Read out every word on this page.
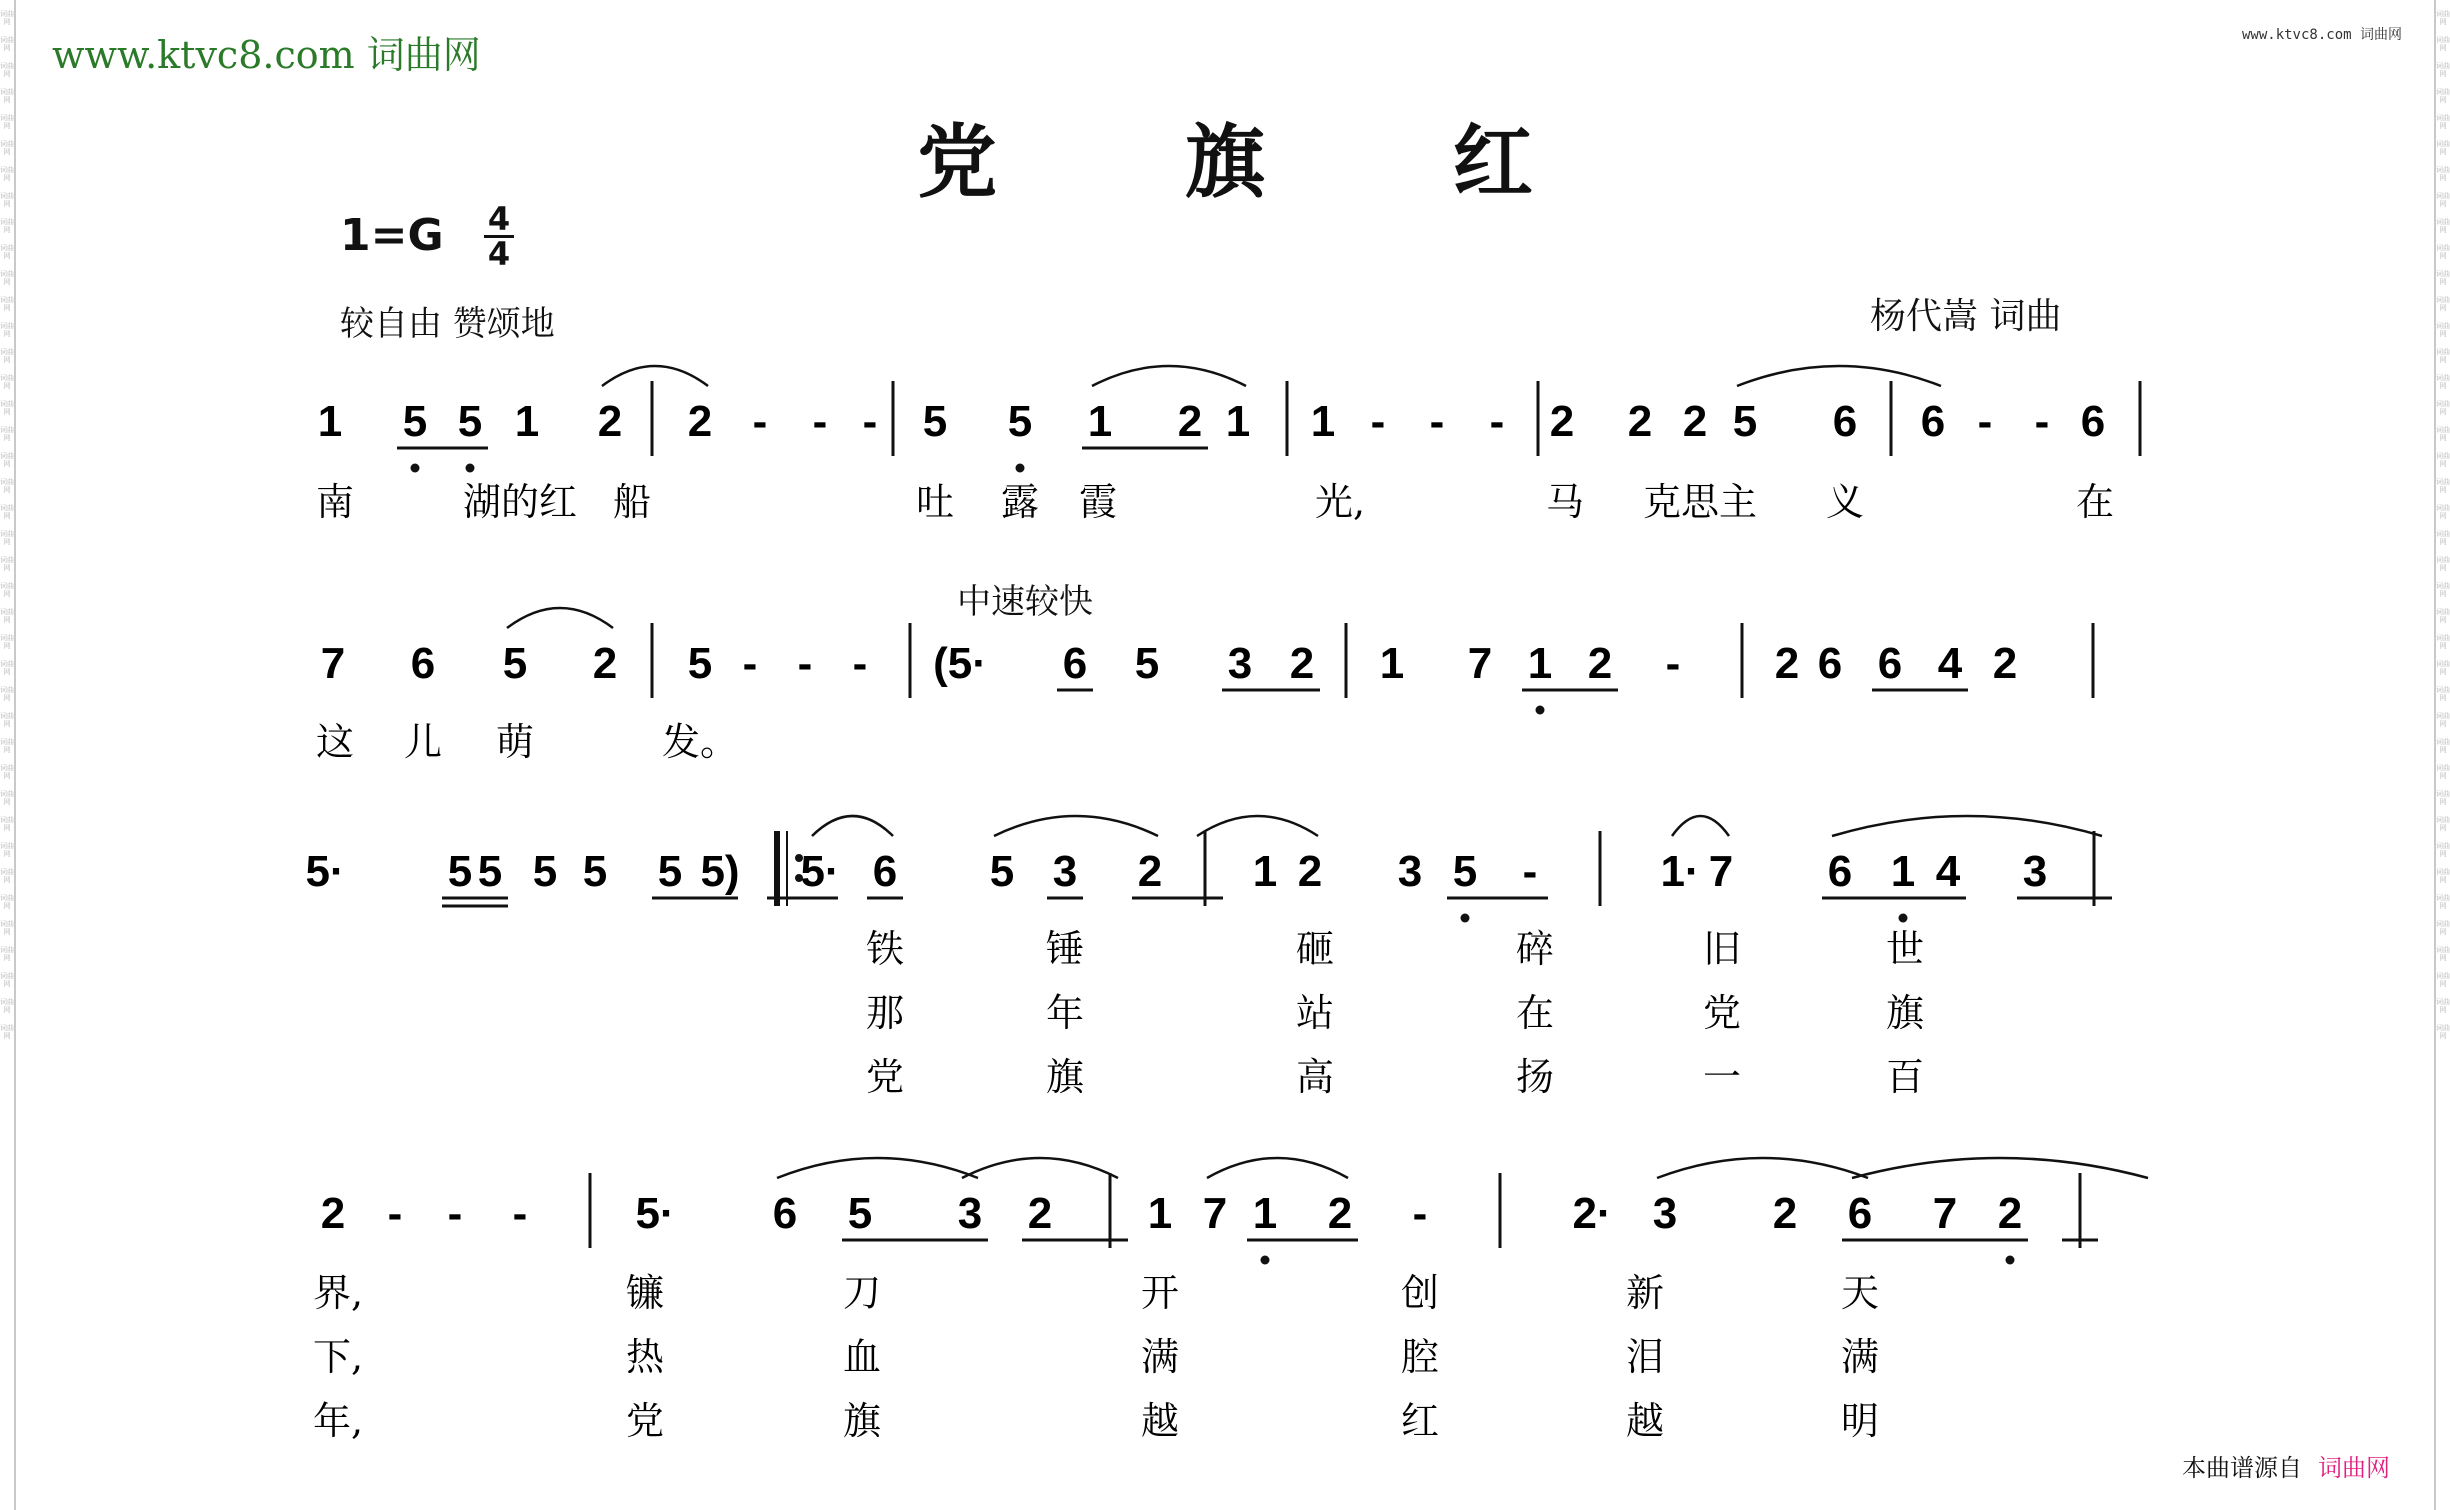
词曲网
词曲网
词曲网
词曲网
词曲网
词曲网
词曲网
词曲网
词曲网
词曲网
词曲网
词曲网
词曲网
词曲网
词曲网
词曲网
词曲网
词曲网
词曲网
词曲网
词曲网
词曲网
词曲网
词曲网
词曲网
词曲网
词曲网
词曲网
词曲网
词曲网
词曲网
词曲网
词曲网
词曲网
词曲网
词曲网
词曲网
词曲网
词曲网
词曲网
词曲网
词曲网
词曲网
词曲网
词曲网
词曲网
词曲网
词曲网
词曲网
词曲网
词曲网
词曲网
词曲网
词曲网
词曲网
词曲网
词曲网
词曲网
词曲网
词曲网
词曲网
词曲网
词曲网
词曲网
词曲网
词曲网
词曲网
词曲网
词曲网
词曲网
词曲网
词曲网
词曲网
词曲网
词曲网
词曲网
词曲网
词曲网
词曲网
词曲网
www.ktvc8.com 词曲网	www.ktvc8.com 词曲网
党 旗 红
1=G 4
4
较自由 赞颂地	杨代嵩 词曲
中速较快
1 5 5 1 2 2 - - - 5 5 1 2 1 1 - - - 2 2 2 5 6 6 - - 6
南	湖的红 船	吐 露 霞	光,	马 克思主 义	在
7 6 5 2 5 - - - (5· 6 5 3 2 1 7 1 2 - 2 6 6 4 2
这 儿 萌	发。
5· 5 5 5 5 5 5) 5· 6 5 3 2 1 2 3 5 -	1· 7 6 1 4 3
铁	锤	砸	碎	旧	世
那	年	站	在	党	旗
党	旗	高	扬	一	百
2 - - - 5· 6 5 3 2 1 7 1 2 -	2· 3 2 6 7 2
界,	镰	刀	开	创	新	天
下,	热	血	满	腔	泪	满
年,	党	旗	越	红	越	明
本曲谱源自 词曲网
